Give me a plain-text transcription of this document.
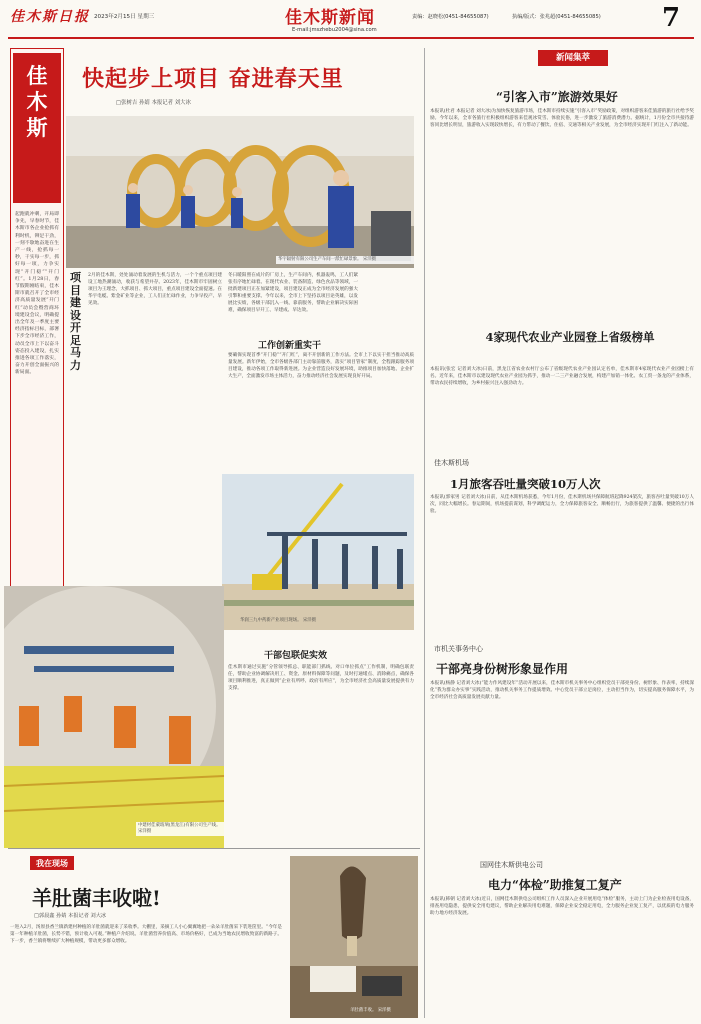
佳木斯日报 2023年2月15日 星期三	佳木斯新闻
E-mail:jmszhebu2004@sina.com
责编：赵晓松(0451-84655087)	执编/版式：张兆超(0451-84655085) 7
佳木斯
起跑就冲刺，开局即争先，早春时节，佳木斯市各企业抢抓有利时机，铆足干劲，一刻不歇地奋进在生产一线，抢抓每一秒，干实每一步，抓好每一项，力争实现“开门稳”“开门红”。1月28日，春节假期刚结束，佳木斯市就召开了全市经济高质量发展“开门红”动员会暨营商环境建设会议，明确提出全年及一季度主要经济指标目标，部署下步全市经济工作，动员全市上下以奋斗姿态投入建设，扎实推进各项工作落实，奋力开创全面振兴的新局面。
快起步上项目 奋进春天里
□张树吉 孙婧 本报记者 刘大冰
华宇辐射有限公司生产车间一派忙碌景象。 宋洋摄
项目建设开足马力
2月的佳木斯，处处涌动着发展的生机与活力，一个个重点项目建设工地热潮涌动，收获与希望并存。2023年，佳木斯市牢固树立项目为王理念，大抓项目、抓大项目，重点项目建设全面提速。在华宇电缆、紫金矿业等企业，工人们正忙碌作业，力争早投产、早见效。
冬日暖阳照在成片的厂房上，生产车间内，机器轰鸣，工人们紧张有序地忙碌着。在现代农业、装备制造、绿色食品等领域，一批新建项目正在加紧建设，项目建设正成为全市经济发展的强大引擎和重要支撑。今年以来，全市上下坚持以项目论英雄，以发展比实绩，各级干部沉入一线、靠前服务，帮助企业解决实际困难，确保项目早开工、早建成、早达效。
工作创新重实干
要确保实现首季“开门稳”“开门红”，离不开创新的工作方法。全市上下以实干担当推动高质量发展。新年伊始，全市各级各部门主动靠前服务，落实“项目管家”制度，全程跟踪服务项目建设，推动各项工作取得新进展。为企业营造良好发展环境，助推项目加快落地、企业扩大生产，全面激发市场主体活力，奋力推动经济社会发展实现良好开局。
华润三九中药新产业项目现场。 宋洋摄
中建材佳蒙玻璃(黑龙江)有限公司生产线。 宋洋摄
干部包联促实效
佳木斯市通过实施“分管领导抓总、职能部门抓线、对口单位抓点”工作机制，明确包联责任，帮助企业协调解决用工、资金、原材料保障等问题，及时打通堵点、消除痛点，确保各项目顺利推进，真正做到“企业有所呼、政府有所应”，为全市经济社会高质量发展提供有力支撑。
我在现场
羊肚菌丰收啦!
□郭晨鑫 孙婧 本报记者 刘大冰
一进入2月，汤原县香兰镇新建村种植的羊肚菌就迎来了采收季。大棚里，采摘工人小心翼翼地把一朵朵羊肚菌采下装进筐里。“今年是第一年种植羊肚菌，长势不错，预计收入可观。”种植户介绍说。羊肚菌营养价值高、市场价格好，已成为当地农民增收致富的新路子。下一步，香兰镇将继续扩大种植规模，带动更多群众增收。
羊肚菌丰收。 宋洋摄
新闻集萃
“引客入市”旅游效果好
本报讯(杜君 本报记者 刘大冰)为加快恢复旅游市场，佳木斯市持续实施“引客入市”奖励政策，对组织游客来佳旅游的旅行社给予奖励。今年以来，全市各旅行社积极组织游客来佳观冰赏雪、体验民俗，进一步激发了旅游消费潜力。据统计，1月份全市共接待游客同比增长明显，旅游收入实现较快增长，有力带动了餐饮、住宿、交通等相关产业发展，为全市经济实现开门红注入了新动能。
4家现代农业产业园登上省级榜单
本报讯(张宏 记者刘大冰)日前，黑龙江省农业农村厅公布了省级现代农业产业园认定名单，佳木斯市4家现代农业产业园榜上有名。近年来，佳木斯市以建设现代农业产业园为抓手，推动一二三产业融合发展，构建产加销一体化、农工贸一条龙的产业体系，带动农民持续增收，为乡村振兴注入强劲动力。
佳木斯机场
1月旅客吞吐量突破10万人次
本报讯(郭家男 记者刘大冰)日前，从佳木斯机场获悉，今年1月份，佳木斯机场共保障航班起降924架次，旅客吞吐量突破10万人次，同比大幅增长。春运期间，机场提前谋划，科学调配运力，全力保障旅客安全、顺畅出行，为旅客提供了温馨、便捷的出行体验。
市机关事务中心
干部亮身份树形象显作用
本报讯(杨静 记者刘大冰)“能力作风建设年”活动开展以来，佳木斯市机关事务中心组织党员干部亮身份、树形象、作表率，持续深化“我为群众办实事”实践活动，推动机关事务工作提质增效。中心党员干部立足岗位，主动担当作为，切实提高服务保障水平，为全市经济社会高质量发展贡献力量。
国网佳木斯供电公司
电力“体检”助推复工复产
本报讯(韩朝 记者刘大冰)近日，国网佳木斯供电公司组织工作人员深入企业开展用电“体检”服务，主动上门为企业检查用电设备，排查用电隐患，提供安全用电建议，帮助企业解决用电难题，保障企业安全稳定用电，全力服务企业复工复产，以优质的电力服务助力地方经济发展。
